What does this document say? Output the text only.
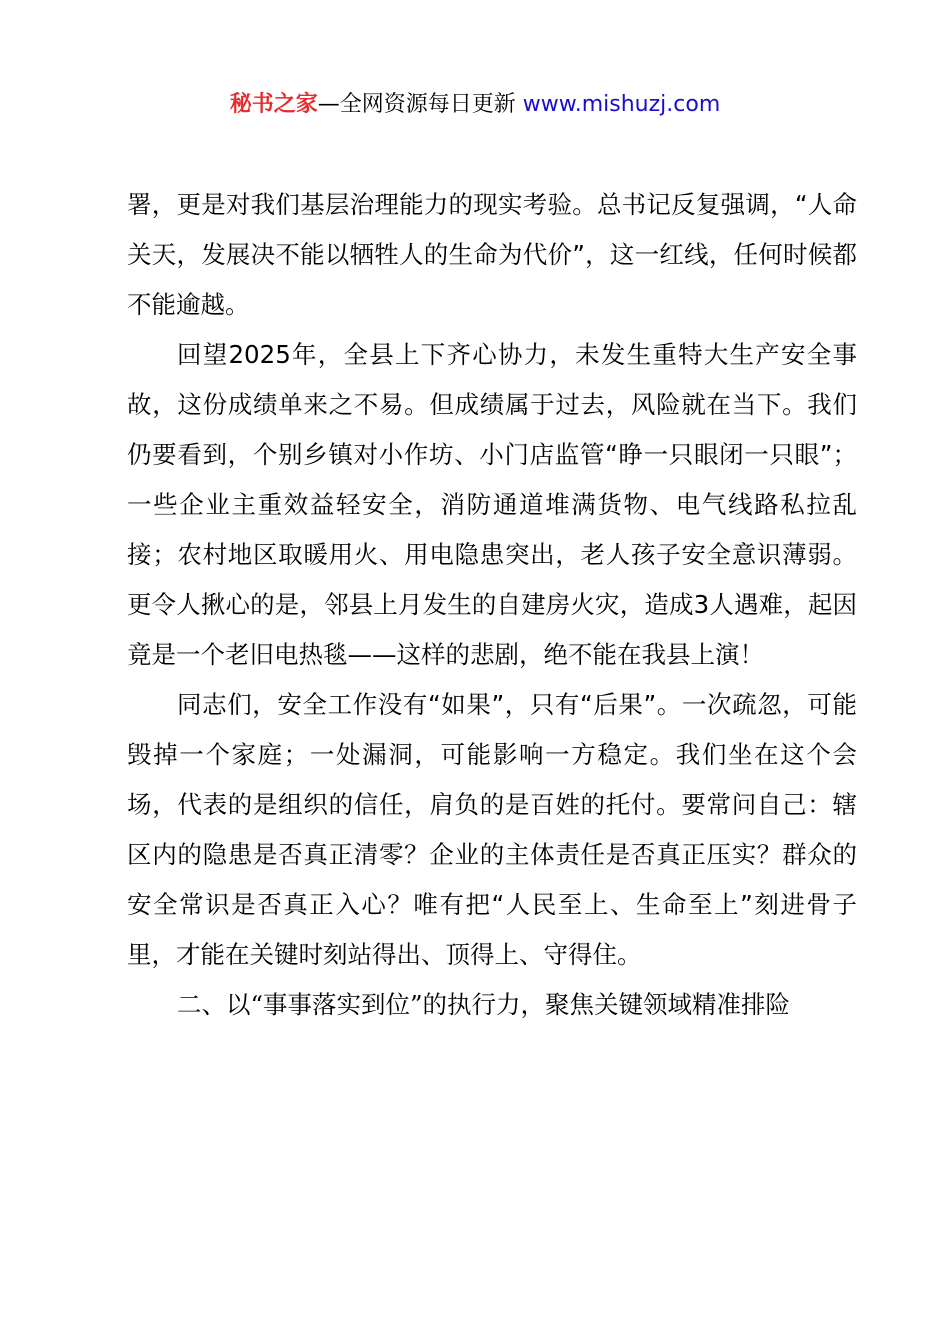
秘书之家—全网资源每日更新 www.mishuzj.com

署，更是对我们基层治理能力的现实考验。总书记反复强调，“人命关天，发展决不能以牺牲人的生命为代价”，这一红线，任何时候都不能逾越。

回望2025年，全县上下齐心协力，未发生重特大生产安全事故，这份成绩单来之不易。但成绩属于过去，风险就在当下。我们仍要看到，个别乡镇对小作坊、小门店监管“睁一只眼闭一只眼”；一些企业主重效益轻安全，消防通道堆满货物、电气线路私拉乱接；农村地区取暖用火、用电隐患突出，老人孩子安全意识薄弱。更令人揪心的是，邻县上月发生的自建房火灾，造成3人遇难，起因竟是一个老旧电热毯——这样的悲剧，绝不能在我县上演！

同志们，安全工作没有“如果”，只有“后果”。一次疏忽，可能毁掉一个家庭；一处漏洞，可能影响一方稳定。我们坐在这个会场，代表的是组织的信任，肩负的是百姓的托付。要常问自己：辖区内的隐患是否真正清零？企业的主体责任是否真正压实？群众的安全常识是否真正入心？唯有把“人民至上、生命至上”刻进骨子里，才能在关键时刻站得出、顶得上、守得住。

二、以“事事落实到位”的执行力，聚焦关键领域精准排险
